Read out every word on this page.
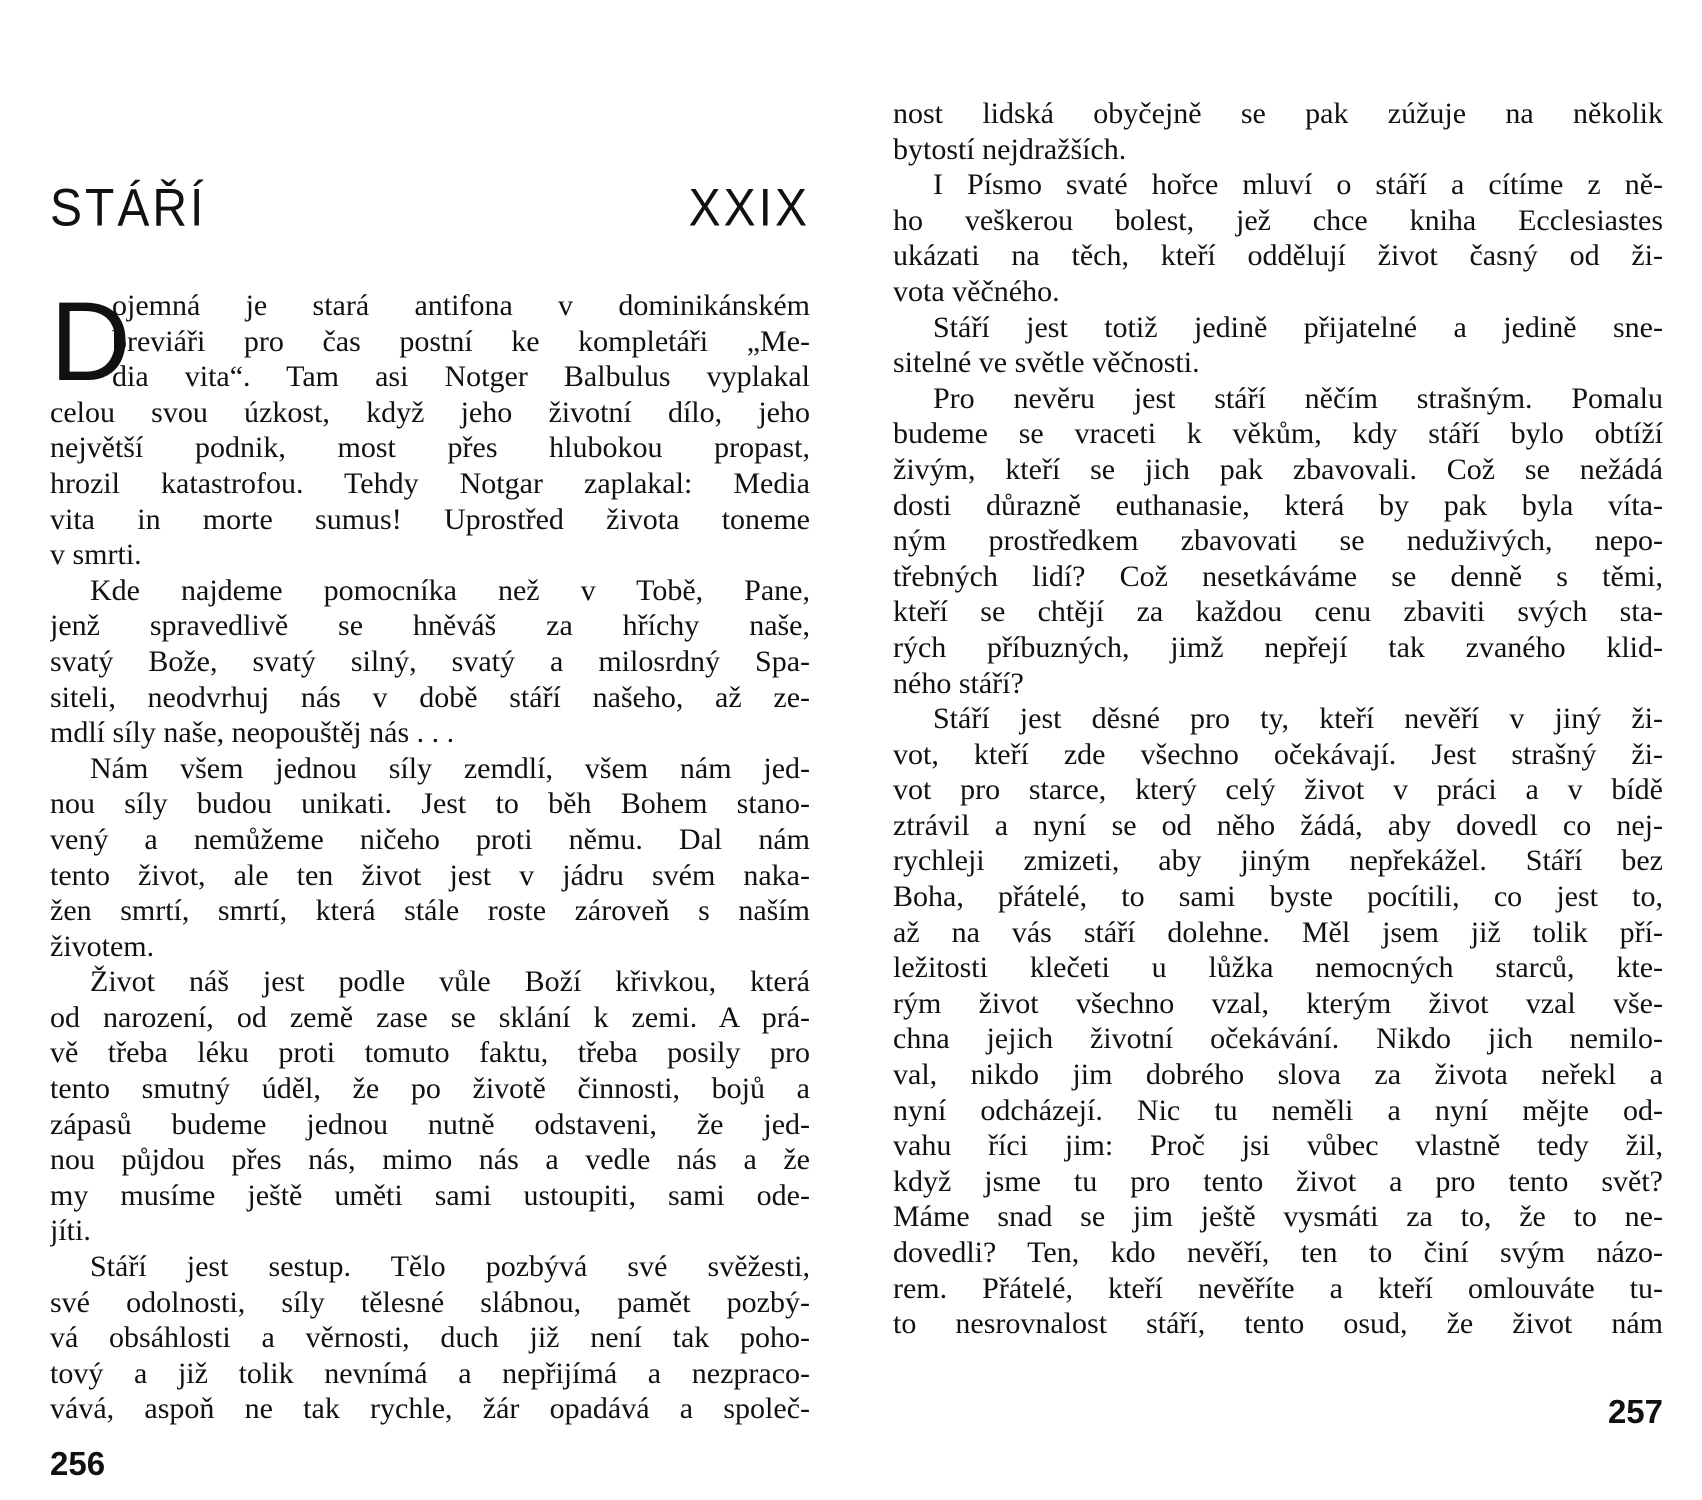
STÁŘÍ	XXIX
D
ojemná je stará antifona v dominikánském
breviáři pro čas postní ke kompletáři „Me-
dia vita“. Tam asi Notger Balbulus vyplakal
celou svou úzkost, když jeho životní dílo, jeho
největší podnik, most přes hlubokou propast,
hrozil katastrofou. Tehdy Notgar zaplakal: Media
vita in morte sumus! Uprostřed života toneme
v smrti.
Kde najdeme pomocníka než v Tobě, Pane,
jenž spravedlivě se hněváš za hříchy naše,
svatý Bože, svatý silný, svatý a milosrdný Spa-
siteli, neodvrhuj nás v době stáří našeho, až ze-
mdlí síly naše, neopouštěj nás . . .
Nám všem jednou síly zemdlí, všem nám jed-
nou síly budou unikati. Jest to běh Bohem stano-
vený a nemůžeme ničeho proti němu. Dal nám
tento život, ale ten život jest v jádru svém naka-
žen smrtí, smrtí, která stále roste zároveň s naším
životem.
Život náš jest podle vůle Boží křivkou, která
od narození, od země zase se sklání k zemi. A prá-
vě třeba léku proti tomuto faktu, třeba posily pro
tento smutný úděl, že po životě činnosti, bojů a
zápasů budeme jednou nutně odstaveni, že jed-
nou půjdou přes nás, mimo nás a vedle nás a že
my musíme ještě uměti sami ustoupiti, sami ode-
jíti.
Stáří jest sestup. Tělo pozbývá své svěžesti,
své odolnosti, síly tělesné slábnou, pamět pozbý-
vá obsáhlosti a věrnosti, duch již není tak poho-
tový a již tolik nevnímá a nepřijímá a nezpraco-
vává, aspoň ne tak rychle, žár opadává a společ-
256
nost lidská obyčejně se pak zúžuje na několik
bytostí nejdražších.
I Písmo svaté hořce mluví o stáří a cítíme z ně-
ho veškerou bolest, jež chce kniha Ecclesiastes
ukázati na těch, kteří oddělují život časný od ži-
vota věčného.
Stáří jest totiž jedině přijatelné a jedině sne-
sitelné ve světle věčnosti.
Pro nevěru jest stáří něčím strašným. Pomalu
budeme se vraceti k věkům, kdy stáří bylo obtíží
živým, kteří se jich pak zbavovali. Což se nežádá
dosti důrazně euthanasie, která by pak byla víta-
ným prostředkem zbavovati se neduživých, nepo-
třebných lidí? Což nesetkáváme se denně s těmi,
kteří se chtějí za každou cenu zbaviti svých sta-
rých příbuzných, jimž nepřejí tak zvaného klid-
ného stáří?
Stáří jest děsné pro ty, kteří nevěří v jiný ži-
vot, kteří zde všechno očekávají. Jest strašný ži-
vot pro starce, který celý život v práci a v bídě
ztrávil a nyní se od něho žádá, aby dovedl co nej-
rychleji zmizeti, aby jiným nepřekážel. Stáří bez
Boha, přátelé, to sami byste pocítili, co jest to,
až na vás stáří dolehne. Měl jsem již tolik pří-
ležitosti klečeti u lůžka nemocných starců, kte-
rým život všechno vzal, kterým život vzal vše-
chna jejich životní očekávání. Nikdo jich nemilo-
val, nikdo jim dobrého slova za života neřekl a
nyní odcházejí. Nic tu neměli a nyní mějte od-
vahu říci jim: Proč jsi vůbec vlastně tedy žil,
když jsme tu pro tento život a pro tento svět?
Máme snad se jim ještě vysmáti za to, že to ne-
dovedli? Ten, kdo nevěří, ten to činí svým názo-
rem. Přátelé, kteří nevěříte a kteří omlouváte tu-
to nesrovnalost stáří, tento osud, že život nám
257
